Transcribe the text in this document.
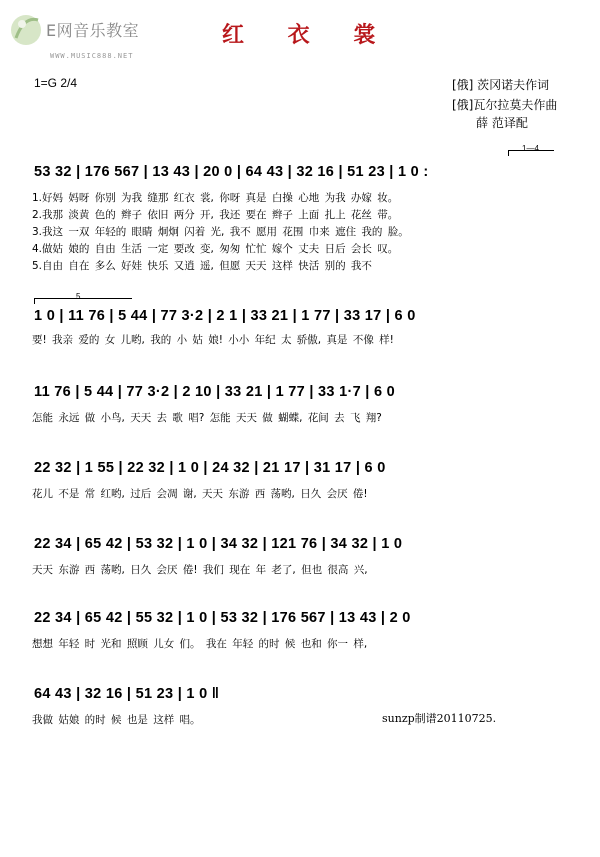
E网音乐教室
WWW.MUSIC888.NET
红 衣 裳
1=G 2/4	[俄] 茨冈诺夫作词
[俄]瓦尔拉莫夫作曲
薛 范译配
1—4
53 32 | 176 567 | 13 43 | 20 0 | 64 43 | 32 16 | 51 23 | 1 0 :
1.好妈 妈呀 你别 为我 缝那 红衣 裳, 你呀 真是 白操 心地 为我 办嫁 妆。
2.我那 淡黄 色的 辫子 依旧 两分 开, 我还 要在 辫子 上面 扎上 花丝 带。
3.我这 一双 年轻的 眼睛 炯炯 闪着 光, 我不 愿用 花围 巾来 遮住 我的 脸。
4.做姑 娘的 自由 生活 一定 要改 变, 匆匆 忙忙 嫁个 丈夫 日后 会长 叹。
5.自由 自在 多么 好娃 快乐 又逍 遥, 但愿 天天 这样 快活 别的 我不
5
1 0 | 11 76 | 5 44 | 77 3·2 | 2 1 | 33 21 | 1 77 | 33 17 | 6 0
要! 我亲 爱的 女 儿哟, 我的 小 姑 娘! 小小 年纪 太 骄傲, 真是 不像 样!
11 76 | 5 44 | 77 3·2 | 2 10 | 33 21 | 1 77 | 33 1·7 | 6 0
怎能 永远 做 小鸟, 天天 去 歌 唱? 怎能 天天 做 蝴蝶, 花间 去 飞 翔?
22 32 | 1 55 | 22 32 | 1 0 | 24 32 | 21 17 | 31 17 | 6 0
花儿 不是 常 红哟, 过后 会凋 谢, 天天 东游 西 荡哟, 日久 会厌 倦!
22 34 | 65 42 | 53 32 | 1 0 | 34 32 | 121 76 | 34 32 | 1 0
天天 东游 西 荡哟, 日久 会厌 倦! 我们 现在 年 老了, 但也 很高 兴,
22 34 | 65 42 | 55 32 | 1 0 | 53 32 | 176 567 | 13 43 | 2 0
想想 年轻 时 光和 照顾 儿女 们。 我在 年轻 的时 候 也和 你一 样,
64 43 | 32 16 | 51 23 | 1 0 ‖
我做 姑娘 的时 候 也是 这样 唱。	sunzp制谱20110725.
